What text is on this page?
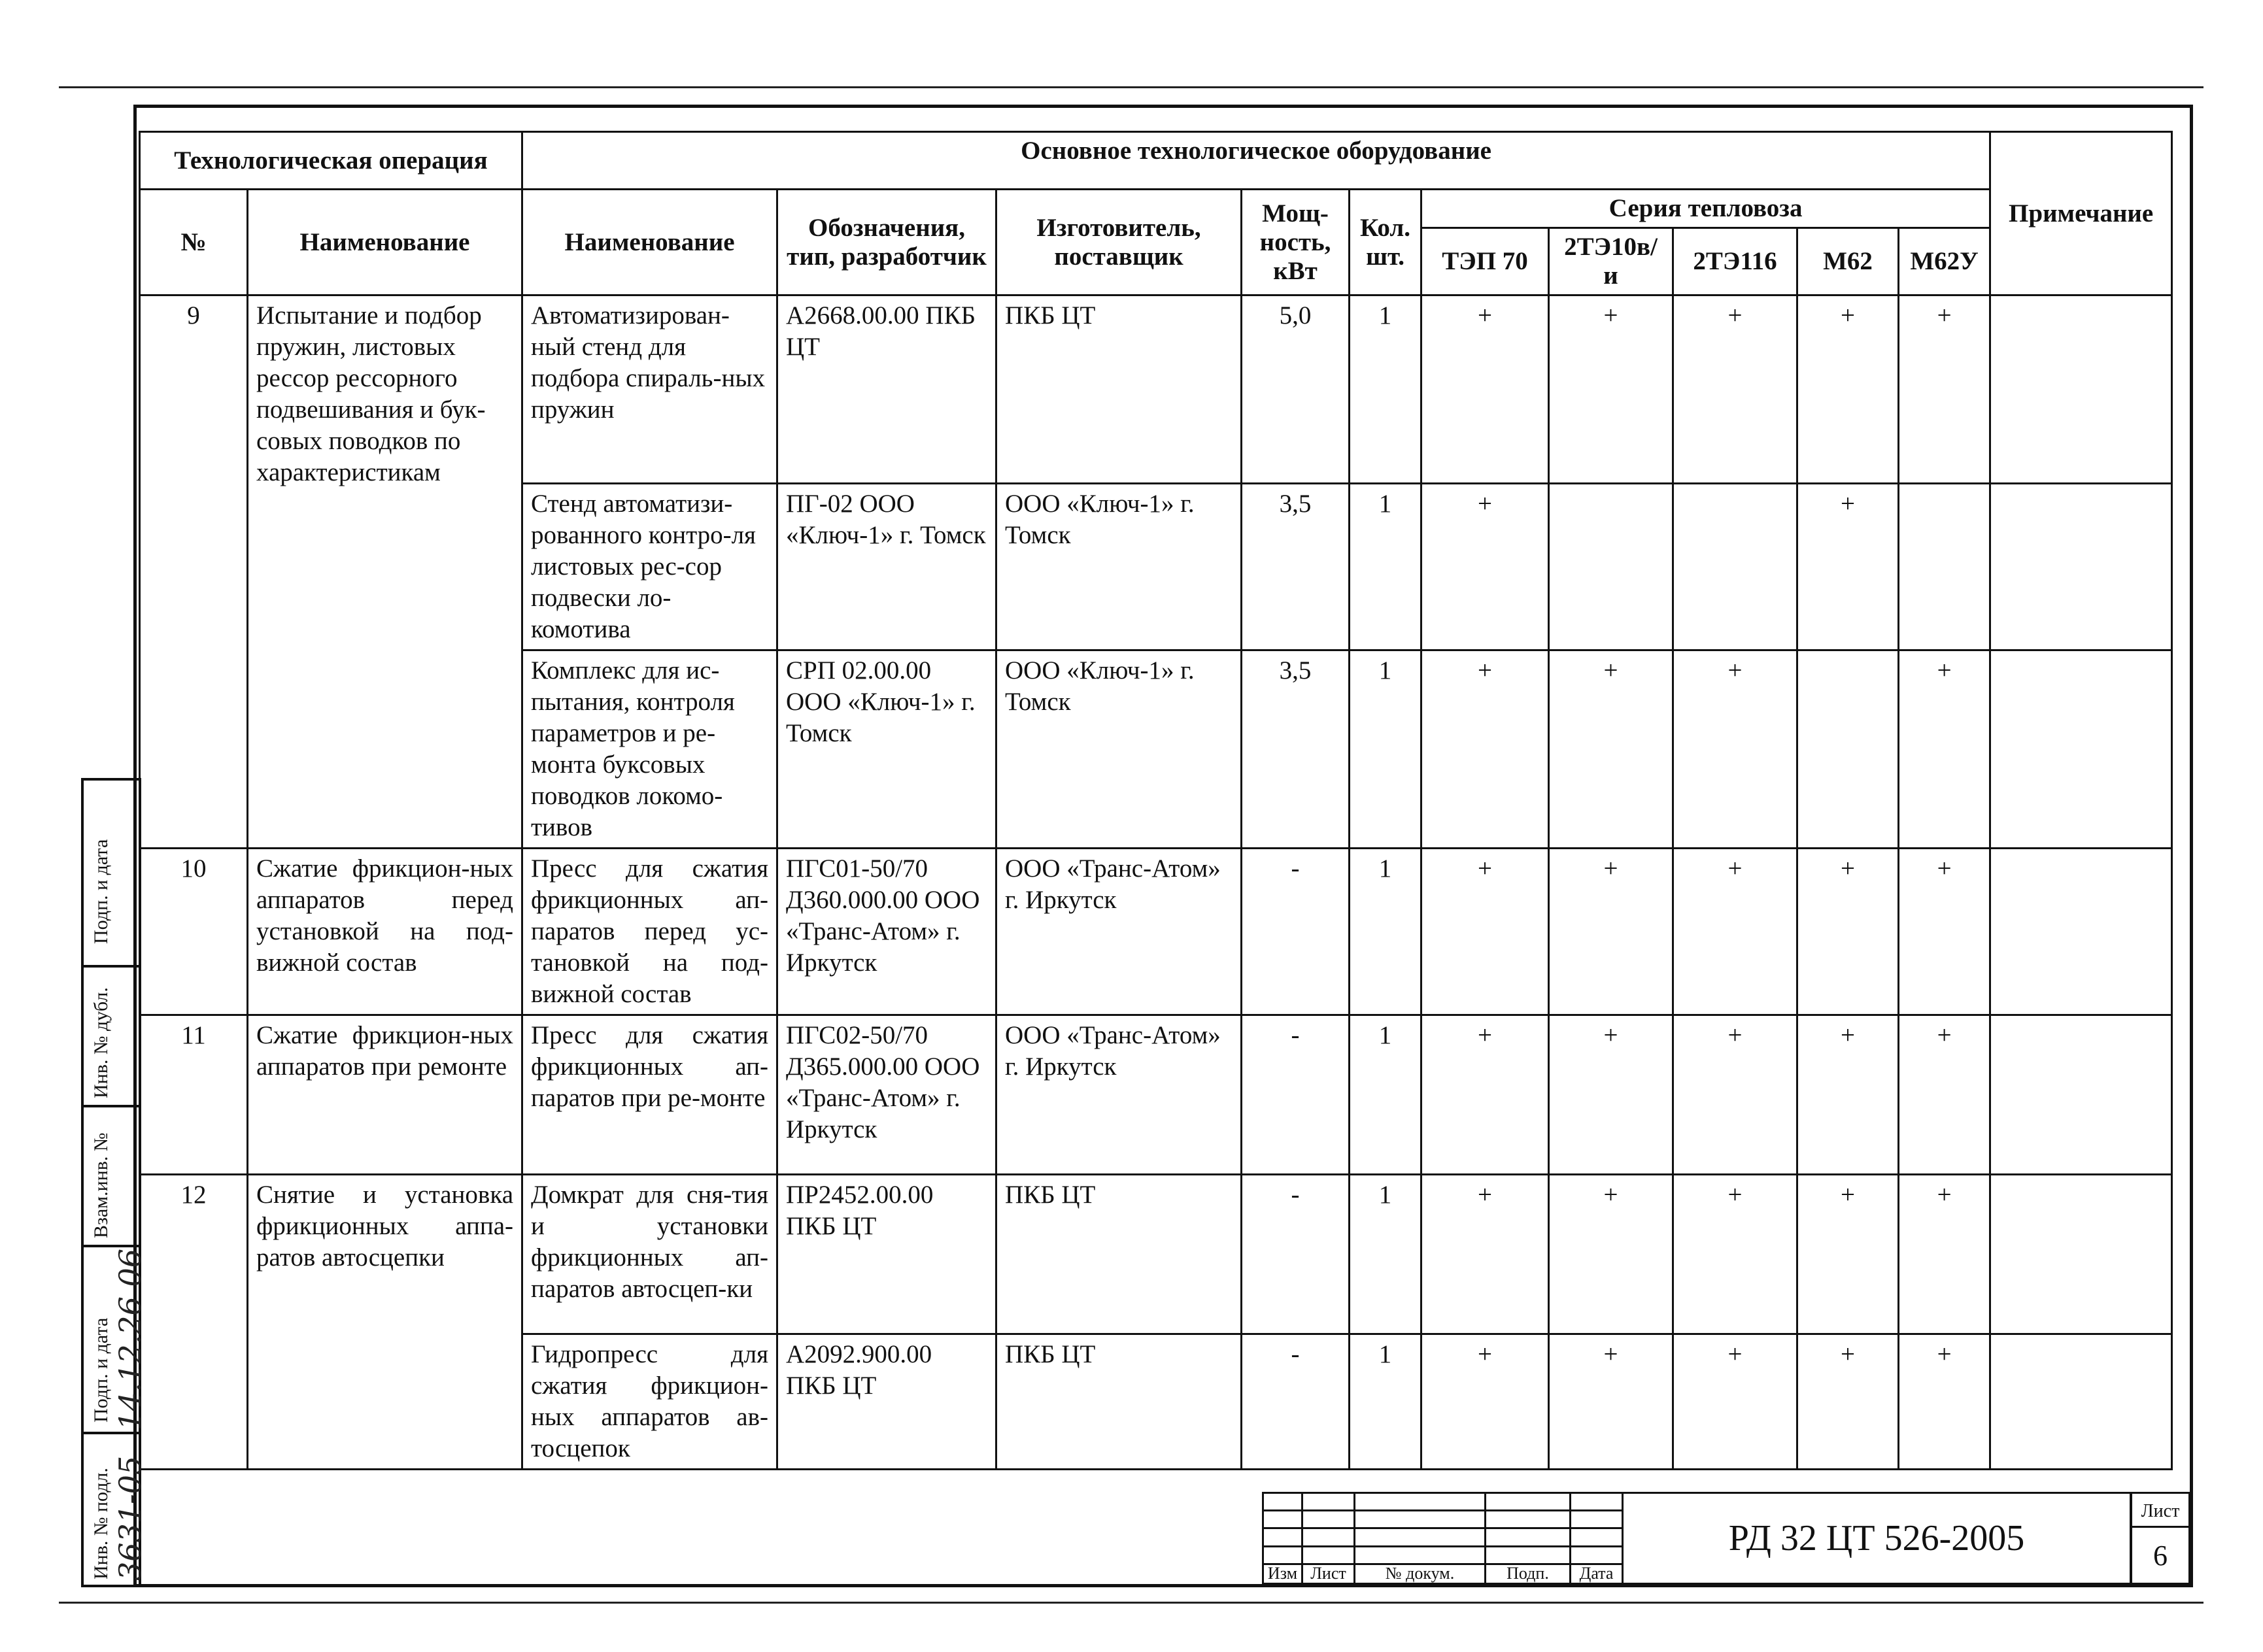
Технологическая операция		Основное технологическое оборудование										Примечание
№	Наименование	Наименование	Обозначения, тип, разработчик	Изготовитель, поставщик	Мощ-ность, кВт	Кол. шт.	Серия тепловоза					
							ТЭП 70	2ТЭ10в/и	2ТЭ116	М62	М62У	
9	Испытание и подбор пружин, листовых рессор рессорного подвешивания и бук-совых поводков по характеристикам	Автоматизирован-ный стенд для подбора спираль-ных пружин	А2668.00.00 ПКБ ЦТ	ПКБ ЦТ	5,0	1	+	+	+	+	+	
		Стенд автоматизи-рованного контро-ля листовых рес-сор подвески ло-комотива	ПГ-02 ООО «Ключ-1» г. Томск	ООО «Ключ-1» г. Томск	3,5	1	+			+		
		Комплекс для ис-пытания, контроля параметров и ре-монта буксовых поводков локомо-тивов	СРП 02.00.00 ООО «Ключ-1» г. Томск	ООО «Ключ-1» г. Томск	3,5	1	+	+	+		+	
10	Сжатие фрикцион-ных аппаратов перед установкой на под-вижной состав	Пресс для сжатия фрикционных ап-паратов перед ус-тановкой на под-вижной состав	ПГС01-50/70 Д360.000.00 ООО «Транс-Атом» г. Иркутск	ООО «Транс-Атом» г. Иркутск	-	1	+	+	+	+	+	
11	Сжатие фрикцион-ных аппаратов при ремонте	Пресс для сжатия фрикционных ап-паратов при ре-монте	ПГС02-50/70 Д365.000.00 ООО «Транс-Атом» г. Иркутск	ООО «Транс-Атом» г. Иркутск	-	1	+	+	+	+	+	
12	Снятие и установка фрикционных аппа-ратов автосцепки	Домкрат для сня-тия и установки фрикционных ап-паратов автосцеп-ки	ПР2452.00.00 ПКБ ЦТ	ПКБ ЦТ	-	1	+	+	+	+	+	
		Гидропресс для сжатия фрикцион-ных аппаратов ав-тосцепок	А2092.900.00 ПКБ ЦТ	ПКБ ЦТ	-	1	+	+	+	+	+	
Подп. и дата
Инв. № дубл.
Взам.инв. №
Подп. и дата 14.12.26 06
Инв. № подл. 3631-05

					Изм	Лист	№ докум.	Подп.	Дата
РД 32 ЦТ 526-2005
Лист
6
